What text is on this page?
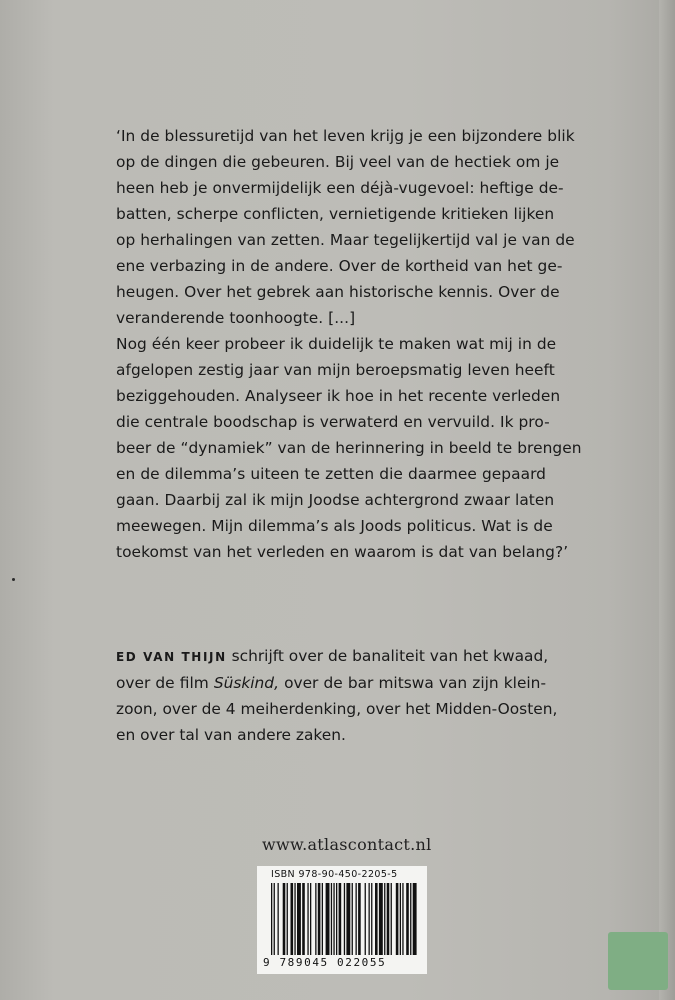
‘In de blessuretijd van het leven krijg je een bijzondere blik
op de dingen die gebeuren. Bij veel van de hectiek om je
heen heb je onvermijdelijk een déjà-vugevoel: heftige de-
batten, scherpe conflicten, vernietigende kritieken lijken
op herhalingen van zetten. Maar tegelijkertijd val je van de
ene verbazing in de andere. Over de kortheid van het ge-
heugen. Over het gebrek aan historische kennis. Over de
veranderende toonhoogte. [...]
Nog één keer probeer ik duidelijk te maken wat mij in de
afgelopen zestig jaar van mijn beroepsmatig leven heeft
beziggehouden. Analyseer ik hoe in het recente verleden
die centrale boodschap is verwaterd en vervuild. Ik pro-
beer de “dynamiek” van de herinnering in beeld te brengen
en de dilemma’s uiteen te zetten die daarmee gepaard
gaan. Daarbij zal ik mijn Joodse achtergrond zwaar laten
meewegen. Mijn dilemma’s als Joods politicus. Wat is de
toekomst van het verleden en waarom is dat van belang?’
ED VAN THIJN schrijft over de banaliteit van het kwaad,
over de film Süskind, over de bar mitswa van zijn klein-
zoon, over de 4 meiherdenking, over het Midden-Oosten,
en over tal van andere zaken.
www.atlascontact.nl
ISBN 978-90-450-2205-5
9 789045 022055
